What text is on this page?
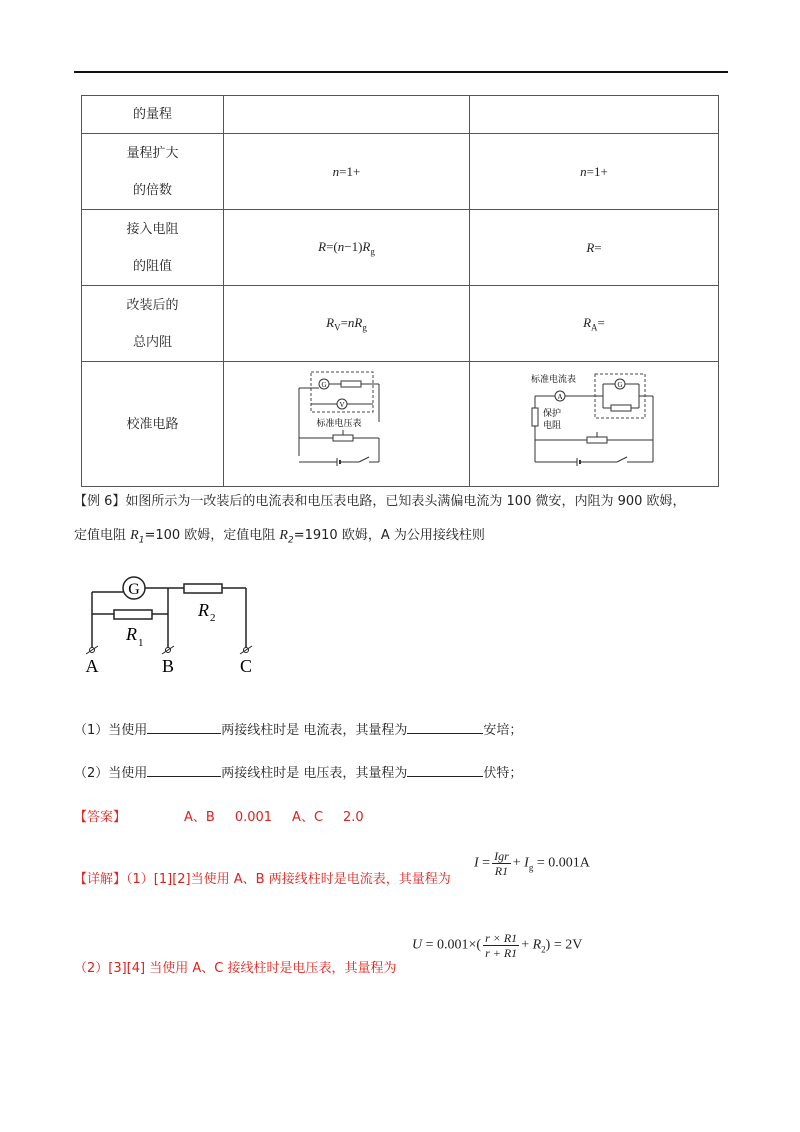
的量程		

量程扩大
的倍数	n=1+	n=1+

接入电阻
的阻值	$R=(n-1)R_g$	R=

改装后的
总内阻	$R_V=nR_g$	$R_A=$

校准电路	G
V
标准电压表	标准电流表
A
G
保护
电阻
【例 6】如图所示为一改装后的电流表和电压表电路，已知表头满偏电流为 100 微安，内阻为 900 欧姆，
定值电阻 $R_1=100$ 欧姆，定值电阻 $R_2=1910$ 欧姆，A 为公用接线柱则
G
R 2
R 1
A	B	C
（1）当使用	两接线柱时是 电流表，其量程为	安培；
（2）当使用	两接线柱时是 电压表，其量程为	伏特；
【答案】	A、B 0.001 A、C 2.0
【详解】（1）[1][2]当使用 A、B 两接线柱时是电流表，其量程为
$I = \frac{\text{Igr}}{R1} + I_g = 0.001A$
（2）[3][4] 当使用 A、C 接线柱时是电压表，其量程为
$U = 0.001\times( \frac{r \times R1}{r + R1} + R_2) = 2V$
